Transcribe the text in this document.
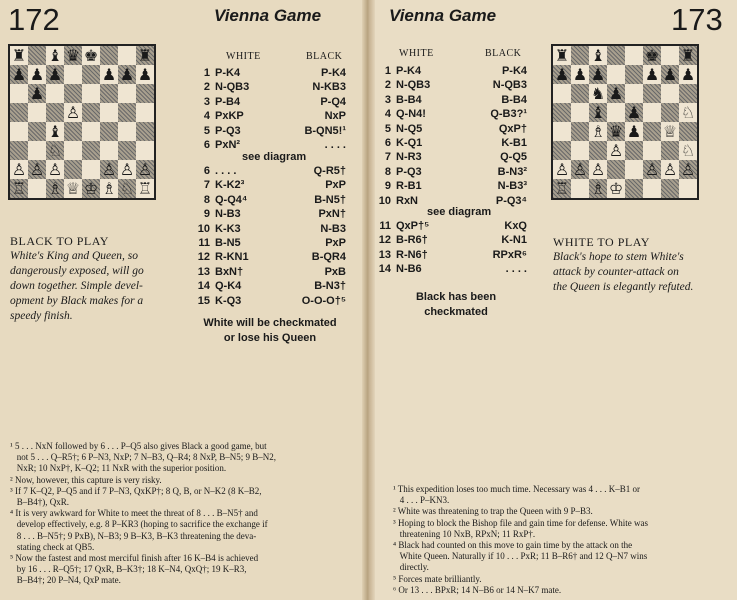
172	Vienna Game
♜ ♝ ♛ ♚ ♜
♟ ♟ ♟ ♟ ♟ ♟
♟
♙
♝
♘
♙ ♙ ♙ ♙ ♙ ♙
♖ ♗ ♕ ♔ ♗ ♘ ♖
WHITE	BLACK
1 P-K4	P-K4
2 N-QB3	N-KB3
3 P-B4	P-Q4
4 PxKP	NxP
5 P-Q3	B-QN5!¹
6 PxN²	. . . .
see diagram
6 . . . .	Q-R5†
7 K-K2³	PxP
8 Q-Q4⁴	B-N5†
9 N-B3	PxN†
10 K-K3	N-B3
11 B-N5	PxP
12 R-KN1	B-QR4
13 BxN†	PxB
14 Q-K4	B-N3†
15 K-Q3	O-O-O†⁵
White will be checkmated
or lose his Queen
BLACK TO PLAY
White's King and Queen, so
dangerously exposed, will go
down together. Simple devel-
opment by Black makes for a
speedy finish.
¹ 5 . . . NxN followed by 6 . . . P–Q5 also gives Black a good game, but
not 5 . . . Q–R5†; 6 P–N3, NxP; 7 N–B3, Q–R4; 8 NxP, B–N5; 9 B–N2,
NxR; 10 NxP†, K–Q2; 11 NxR with the superior position.
² Now, however, this capture is very risky.
³ If 7 K–Q2, P–Q5 and if 7 P–N3, QxKP†; 8 Q, B, or N–K2 (8 K–B2,
B–B4†), QxR.
⁴ It is very awkward for White to meet the threat of 8 . . . B–N5† and
develop effectively, e.g. 8 P–KR3 (hoping to sacrifice the exchange if
8 . . . B–N5†; 9 PxB), N–B3; 9 B–K3, B–K3 threatening the deva-
stating check at QB5.
⁵ Now the fastest and most merciful finish after 16 K–B4 is achieved
by 16 . . . R–Q5†; 17 QxR, B–K3†; 18 K–N4, QxQ†; 19 K–R3,
B–B4†; 20 P–N4, QxP mate.
Vienna Game	173
WHITE	BLACK
1 P-K4	P-K4
2 N-QB3	N-QB3
3 B-B4	B-B4
4 Q-N4!	Q-B3?¹
5 N-Q5	QxP†
6 K-Q1	K-B1
7 N-R3	Q-Q5
8 P-Q3	B-N3²
9 R-B1	N-B3³
10 RxN	P-Q3⁴
see diagram
11 QxP†⁵	KxQ
12 B-R6†	K-N1
13 R-N6†	RPxR⁶
14 N-B6	. . . .
Black has been
checkmated
♜ ♝ ♚ ♜
♟ ♟ ♟ ♟ ♟ ♟
♞ ♟
♝ ♟ ♘
♗ ♛ ♟ ♕
♙	♘
♙ ♙ ♙ ♙ ♙ ♙
♖ ♗ ♔
WHITE TO PLAY
Black's hope to stem White's
attack by counter-attack on
the Queen is elegantly refuted.
¹ This expedition loses too much time. Necessary was 4 . . . K–B1 or
4 . . . P–KN3.
² White was threatening to trap the Queen with 9 P–B3.
³ Hoping to block the Bishop file and gain time for defense. White was
threatening 10 NxB, RPxN; 11 RxP†.
⁴ Black had counted on this move to gain time by the attack on the
White Queen. Naturally if 10 . . . PxR; 11 B–R6† and 12 Q–N7 wins
directly.
⁵ Forces mate brilliantly.
⁶ Or 13 . . . BPxR; 14 N–B6 or 14 N–K7 mate.
